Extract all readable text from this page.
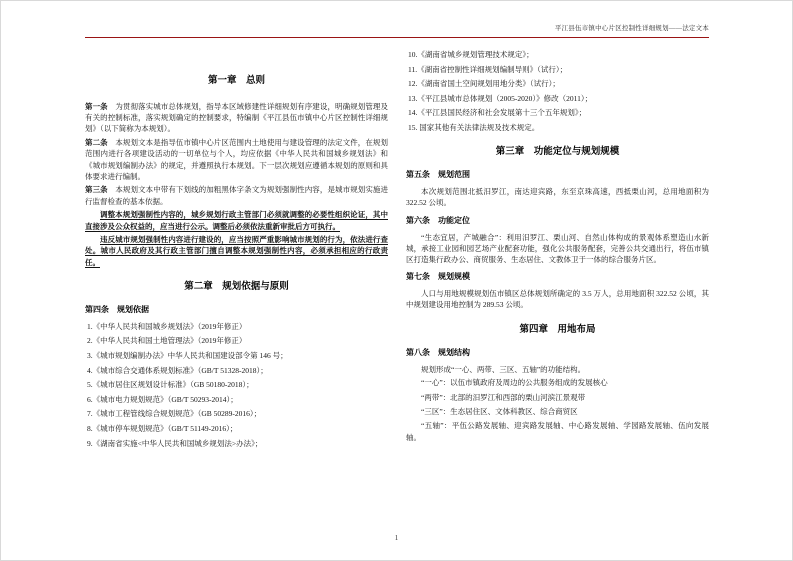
平江县伍市镇中心片区控制性详细规划——法定文本
第一章　总则

第一条　 为贯彻落实城市总体规划，指导本区域修建性详细规划有序建设，明确规划管理及有关的控制标准，落实规划确定的控制要求，特编制《平江县伍市镇中心片区控制性详细规划》（以下简称为本规划）。

第二条　 本规划文本是指导伍市镇中心片区范围内土地使用与建设管理的法定文件，在规划范围内进行各项建设活动的一切单位与个人，均应依据《中华人民共和国城乡规划法》和《城市规划编制办法》的规定，并遵照执行本规划。下一层次规划应遵循本规划的原则和具体要求进行编制。

第三条　 本规划文本中带有下划线的加粗黑体字条文为规划强制性内容，是城市规划实施进行监督检查的基本依据。

调整本规划强制性内容的，城乡规划行政主管部门必须就调整的必要性组织论证，其中直接涉及公众权益的，应当进行公示。调整后必须依法重新审批后方可执行。

违反城市规划强制性内容进行建设的，应当按照严重影响城市规划的行为，依法进行查处。城市人民政府及其行政主管部门擅自调整本规划强制性内容，必须承担相应的行政责任。

第二章　规划依据与原则
第四条　规划依据
1.《中华人民共和国城乡规划法》（2019年修正）
2.《中华人民共和国土地管理法》（2019年修正）
3.《城市规划编制办法》中华人民共和国建设部令第 146 号；
4.《城市综合交通体系规划标准》（GB/T 51328-2018）；
5.《城市居住区规划设计标准》（GB 50180-2018）；
6.《城市电力规划规范》（GB/T 50293-2014）；
7.《城市工程管线综合规划规范》（GB 50289-2016）；
8.《城市停车规划规范》（GB/T 51149-2016）；
9.《湖南省实施<中华人民共和国城乡规划法>办法》；
10.《湖南省城乡规划管理技术规定》；
11.《湖南省控制性详细规划编制导则》（试行）；
12.《湖南省国土空间规划用地分类》（试行）；
13.《平江县城市总体规划（2005-2020）》修改（2011）；
14.《平江县国民经济和社会发展第十三个五年规划》；
15. 国家其他有关法律法规及技术规定。
第三章　功能定位与规划规模
第五条　规划范围

本次规划范围北抵汨罗江，南达迎宾路，东至京珠高速，西抵栗山河，总用地面积为 322.52 公顷。

第六条　功能定位

“生态宜居，产城融合”：利用汨罗江、栗山河、自然山体构成的景观体系塑造山水新城，承接工业园和园艺场产业配套功能，强化公共服务配套，完善公共交通出行，将伍市镇区打造集行政办公、商贸服务、生态居住、文教体卫于一体的综合服务片区。

第七条　规划规模

人口与用地规模规划伍市镇区总体规划所确定的 3.5 万人，总用地面积 322.52 公顷，其中规划建设用地控制为 289.53 公顷。

第四章　用地布局
第八条　规划结构

规划形成“一心、两带、三区、五轴”的功能结构。

“一心”：以伍市镇政府及周边的公共服务组成的发展核心
“两带”：北部的汨罗江和西部的栗山河滨江景观带
“三区”：生态居住区、文体科教区、综合商贸区
“五轴”：平伍公路发展轴、迎宾路发展轴、中心路发展轴、学园路发展轴、伍向发展轴。
1
